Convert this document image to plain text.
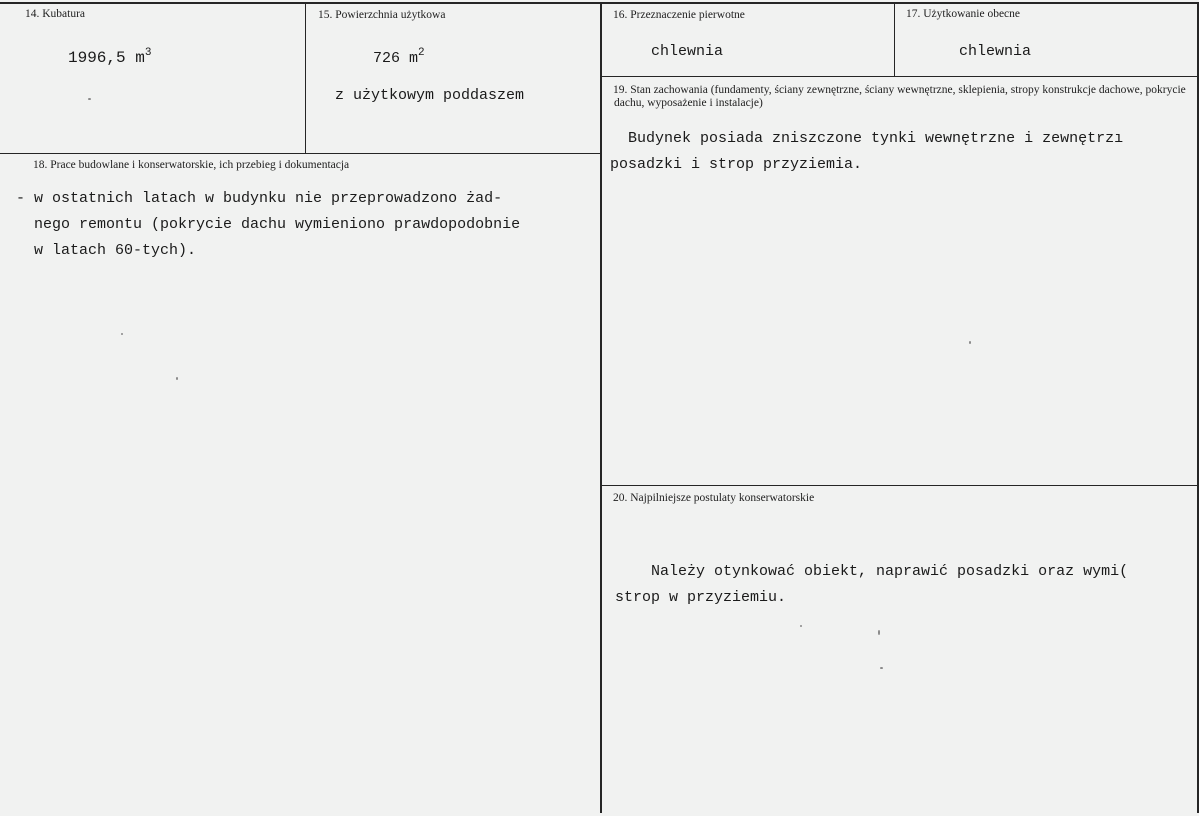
14. Kubatura
1996,5 $m^3$
15. Powierzchnia użytkowa
726 $m^2$
z użytkowym poddaszem
16. Przeznaczenie pierwotne
chlewnia
17. Użytkowanie obecne
chlewnia
18. Prace budowlane i konserwatorskie, ich przebieg i dokumentacja
- w ostatnich latach w budynku nie przeprowadzono żad-
nego remontu (pokrycie dachu wymieniono prawdopodobnie
w latach 60-tych).
19. Stan zachowania (fundamenty, ściany zewnętrzne, ściany wewnętrzne, sklepienia, stropy konstrukcje dachowe, pokrycie dachu, wyposażenie i instalacje)
Budynek posiada zniszczone tynki wewnętrzne i zewnętrzı
posadzki i strop przyziemia.
20. Najpilniejsze postulaty konserwatorskie
Należy otynkować obiekt, naprawić posadzki oraz wymi(
strop w przyziemiu.
